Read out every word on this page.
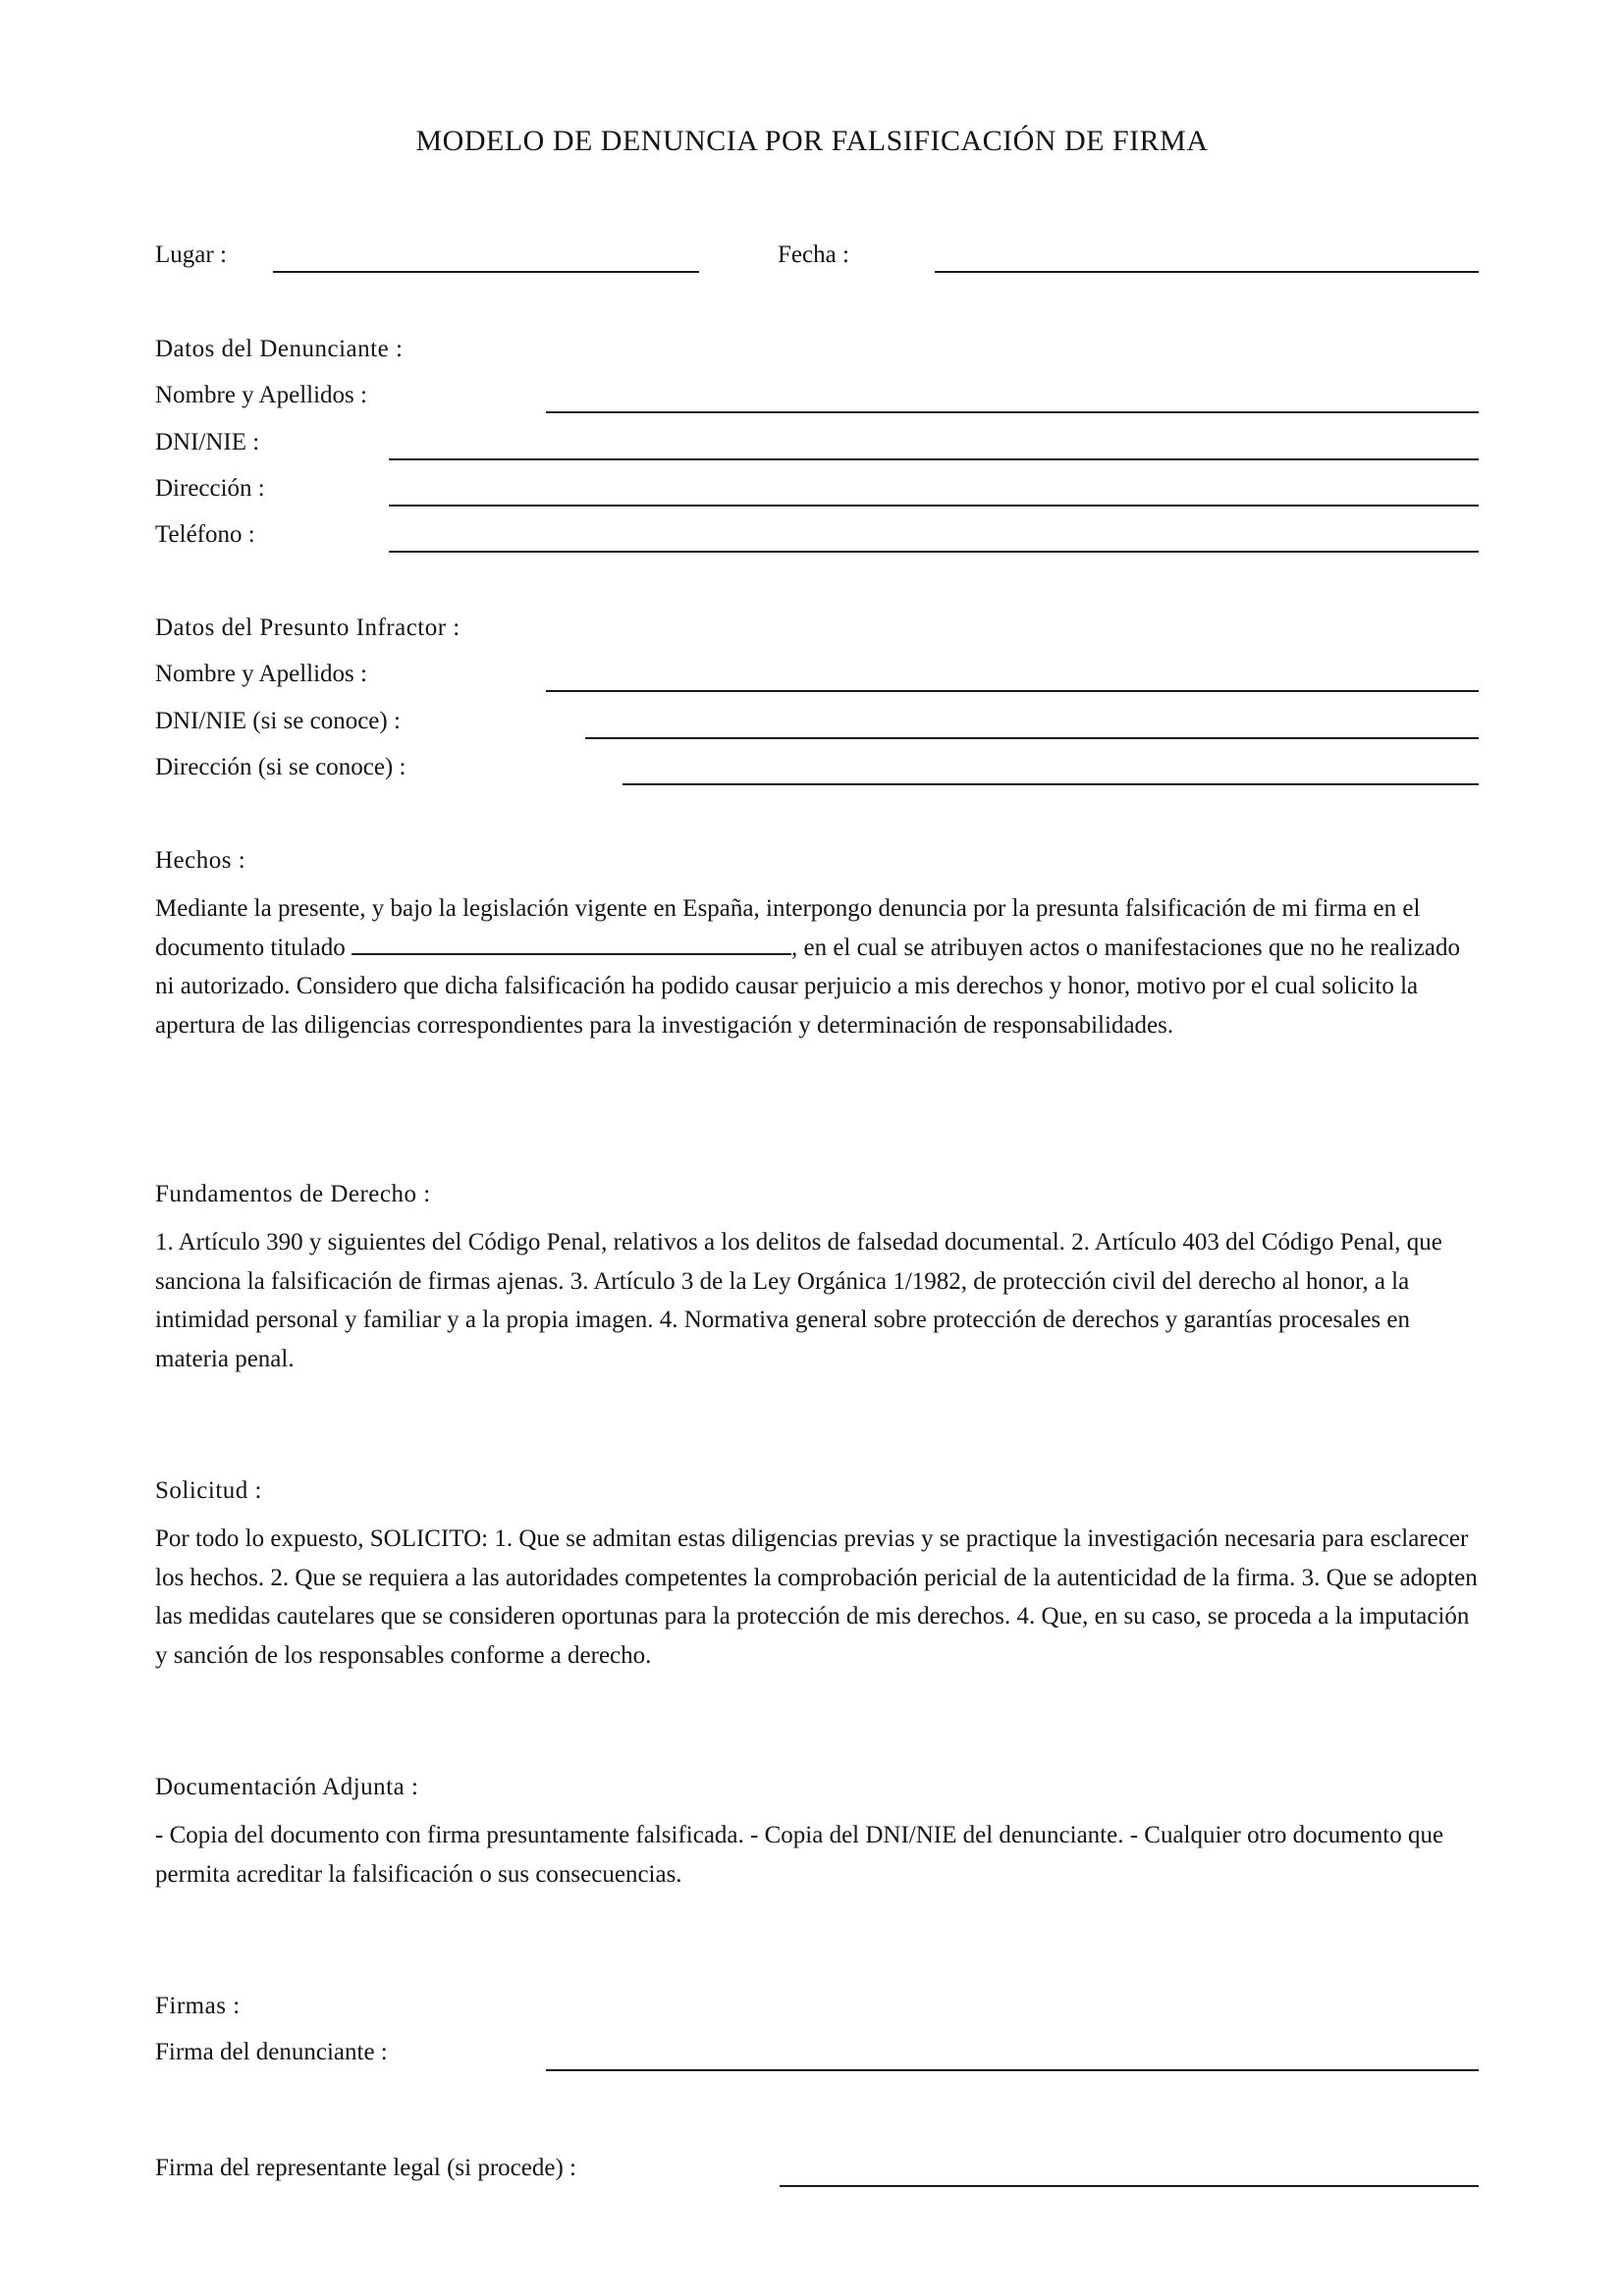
MODELO DE DENUNCIA POR FALSIFICACIÓN DE FIRMA
Lugar :	Fecha :
Datos del Denunciante :
Nombre y Apellidos :
DNI/NIE :
Dirección :
Teléfono :
Datos del Presunto Infractor :
Nombre y Apellidos :
DNI/NIE (si se conoce) :
Dirección (si se conoce) :
Hechos :
Mediante la presente, y bajo la legislación vigente en España, interpongo denuncia por la presunta falsificación de mi firma en el documento titulado	, en el cual se atribuyen actos o manifestaciones que no he realizado ni autorizado. Considero que dicha falsificación ha podido causar perjuicio a mis derechos y honor, motivo por el cual solicito la apertura de las diligencias correspondientes para la investigación y determinación de responsabilidades.
Fundamentos de Derecho :
1. Artículo 390 y siguientes del Código Penal, relativos a los delitos de falsedad documental. 2. Artículo 403 del Código Penal, que sanciona la falsificación de firmas ajenas. 3. Artículo 3 de la Ley Orgánica 1/1982, de protección civil del derecho al honor, a la intimidad personal y familiar y a la propia imagen. 4. Normativa general sobre protección de derechos y garantías procesales en materia penal.
Solicitud :
Por todo lo expuesto, SOLICITO: 1. Que se admitan estas diligencias previas y se practique la investigación necesaria para esclarecer los hechos. 2. Que se requiera a las autoridades competentes la comprobación pericial de la autenticidad de la firma. 3. Que se adopten las medidas cautelares que se consideren oportunas para la protección de mis derechos. 4. Que, en su caso, se proceda a la imputación y sanción de los responsables conforme a derecho.
Documentación Adjunta :
- Copia del documento con firma presuntamente falsificada. - Copia del DNI/NIE del denunciante. - Cualquier otro documento que permita acreditar la falsificación o sus consecuencias.
Firmas :
Firma del denunciante :
Firma del representante legal (si procede) :
